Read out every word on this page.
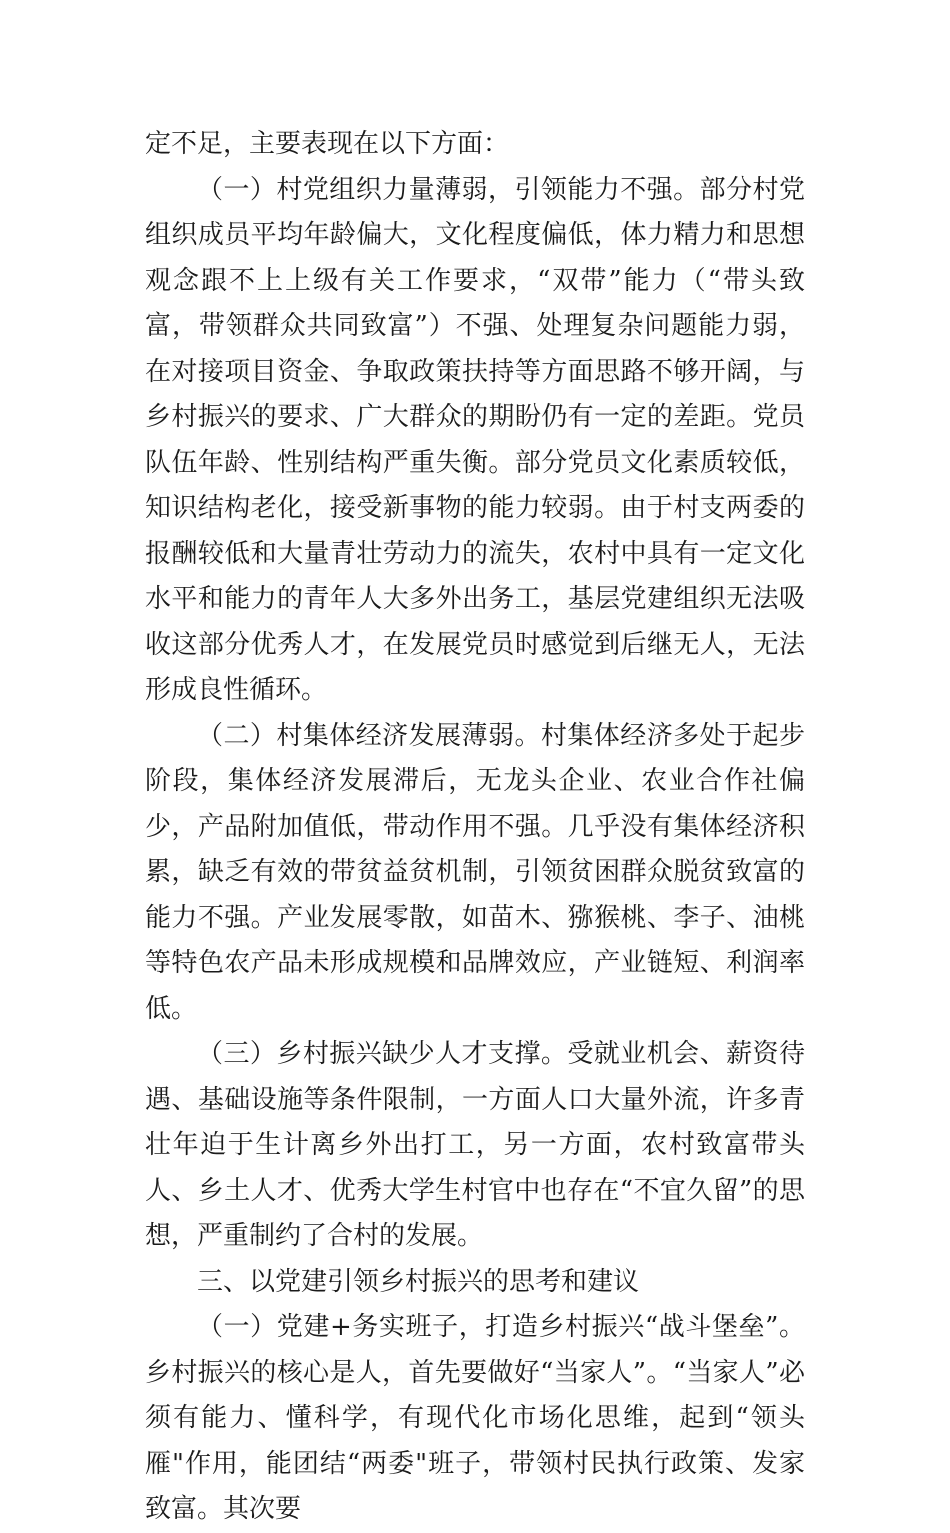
定不足，主要表现在以下方面：

（一）村党组织力量薄弱，引领能力不强。部分村党组织成员平均年龄偏大，文化程度偏低，体力精力和思想观念跟不上上级有关工作要求，“双带”能力（“带头致富，带领群众共同致富”）不强、处理复杂问题能力弱，在对接项目资金、争取政策扶持等方面思路不够开阔，与乡村振兴的要求、广大群众的期盼仍有一定的差距。党员队伍年龄、性别结构严重失衡。部分党员文化素质较低，知识结构老化，接受新事物的能力较弱。由于村支两委的报酬较低和大量青壮劳动力的流失，农村中具有一定文化水平和能力的青年人大多外出务工，基层党建组织无法吸收这部分优秀人才，在发展党员时感觉到后继无人，无法形成良性循环。

（二）村集体经济发展薄弱。村集体经济多处于起步阶段，集体经济发展滞后，无龙头企业、农业合作社偏少，产品附加值低，带动作用不强。几乎没有集体经济积累，缺乏有效的带贫益贫机制，引领贫困群众脱贫致富的能力不强。产业发展零散，如苗木、猕猴桃、李子、油桃等特色农产品未形成规模和品牌效应，产业链短、利润率低。

（三）乡村振兴缺少人才支撑。受就业机会、薪资待遇、基础设施等条件限制，一方面人口大量外流，许多青壮年迫于生计离乡外出打工，另一方面，农村致富带头人、乡土人才、优秀大学生村官中也存在“不宜久留”的思想，严重制约了合村的发展。

三、以党建引领乡村振兴的思考和建议

（一）党建+务实班子，打造乡村振兴“战斗堡垒”。乡村振兴的核心是人，首先要做好“当家人”。“当家人”必须有能力、懂科学，有现代化市场化思维，起到“领头雁"作用，能团结“两委"班子，带领村民执行政策、发家致富。其次要
